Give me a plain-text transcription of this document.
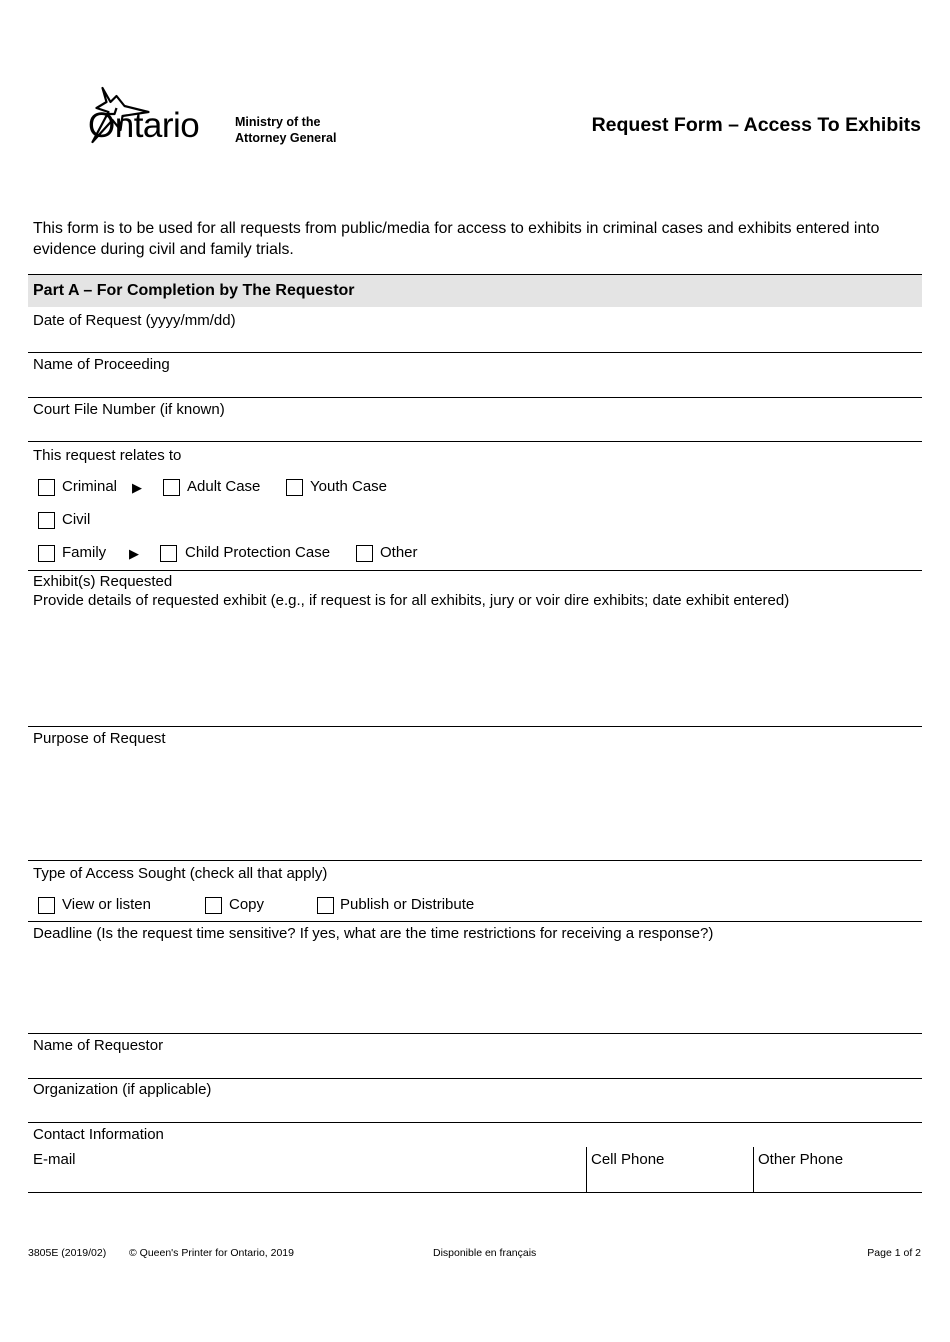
Ontario	Ministry of the
Attorney General
Request Form – Access To Exhibits
This form is to be used for all requests from public/media for access to exhibits in criminal cases and exhibits entered into evidence during civil and family trials.
Part A – For Completion by The Requestor
Date of Request (yyyy/mm/dd)
Name of Proceeding
Court File Number (if known)
This request relates to
Criminal ▶	Adult Case	Youth Case
Civil
Family ▶	Child Protection Case	Other
Exhibit(s) Requested
Provide details of requested exhibit (e.g., if request is for all exhibits, jury or voir dire exhibits; date exhibit entered)
Purpose of Request
Type of Access Sought (check all that apply)
View or listen	Copy	Publish or Distribute
Deadline (Is the request time sensitive? If yes, what are the time restrictions for receiving a response?)
Name of Requestor
Organization (if applicable)
Contact Information
E-mail	Cell Phone	Other Phone
3805E (2019/02) © Queen's Printer for Ontario, 2019	Disponible en français	Page 1 of 2
